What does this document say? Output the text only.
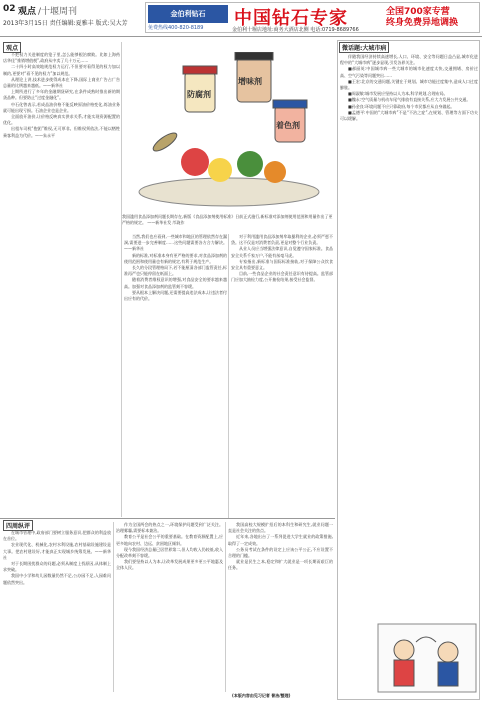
02 观点 /十堰周刊
2013年3月15日 责任编辑:夏雅丰 版式:吴大芳
金伯利钻石
免费热线400-820-8189 中国钻石专家	全国700家专营
终身免费异地调换
金伯利十堰店地址:商务大酒店北侧 电话:0719-8689766
观点
四周纵评

不把权力关进制度的笼子里,怎么能够根治腐败。比如上海药店华佳“推销增值税”,政府从中卖了几十万元……

二十四小时高效地规范权力运行,不但要对看得见的权力加以制约,更要对“看不见的权力”加以规范。

从理论上讲,技术进步使得成本在下降,国际上商业广告占广告总量的比例越来越低。——新华社

上期所进行了多年的金融期货研究,在条件成熟时推出新的期货品种。但要防止“过度金融化”。

中石化曾表示,若成品油价格不能反映原油价格变化,炼油业务就可能出现亏损。石油企业也是企业。

全面放开油价,让价格反映真实供求关系,才能实现资源配置的优化。

出租车司机“抱团”维权,无可厚非。但维权须依法,不能以牺牲乘客利益为代价。——朱永平

防腐剂
增味剂
着色剂
我国滥用食品添加剂问题长期存在,新版《食品添加剂使用标准》日前正式施行,新标准对添加剂使用范围和用量作出了更严格的规定。 ——新华社发 邝珑作

当然,我们也应看到,一些城市和地区的管理依然存在漏洞,需要进一步完善制度……这些问题需要各方合力解决。——新华社

新的标准,对标准本身有更严格的要求,对食品添加剂的使用范围和使用量也有新的规定,有利于规范生产。

长久的分段管理格局下,若不能厘清各部门监管责任,标准再严也只能停留在纸面上。

随着消费者维权意识的增强,对食品安全的要求越来越高。加强对食品添加剂的监管刻不容缓。

要从根本上解决问题,还需要提高违法成本,让违法者付出应有的代价。

对于利用滥用食品添加剂牟取暴利的企业,必须严惩不贷。这不仅是对消费者负责,更是对整个行业负责。

从业人员应当增强法律意识,自觉遵守国家标准。食品安全关系千家万户,不能有丝毫马虎。

专家指出,新标准与国际标准接轨,对于保障公众饮食安全具有重要意义。

目前,一些食品企业的社会责任意识有待提高。监管部门应加大抽检力度,公开抽检结果,接受社会监督。

在城市管理中,政府部门要树立服务意识,把群众的利益放在首位。

农业现代化、机械化,农村水利设施,农村基础设施建设是大事。把农村建设好,才能真正实现城乡统筹发展。——新华社

对于长期困扰群众的问题,必须从制度上找原因,从体制上求突破。

我国中小学和幼儿园数量仍然不足,公办园不足,入园难问题依然突出。

作为全国两会的热点之一,环境保护问题受到广泛关注。治理雾霾,需要标本兼治。

教育公平是社会公平的重要基础。在教育资源配置上,应更多地向农村、边远、贫困地区倾斜。

现今我国经济总量已居世界第二,但人均收入仍较低,收入分配改革刻不容缓。

我们要坚持以人为本,让改革发展成果更多更公平地惠及全体人民。

我国高校大规模扩招后的本科生和研究生,就业问题一直是社会关注的焦点。

近年来,各地出台了一系列促进大学生就业的政策措施,取得了一定成效。

公务员考试在条件的设定上应该公平公正,不应设置不合理的门槛。

就业是民生之本,稳定和扩大就业是一项长期而艰巨的任务。

微话题:大城市病

伴随我国经济持续高速增长,人口、环境、安全等问题日益凸显,城市化进程中的“大城市病”逐步显现,引发各界关注。

■郝丽英:中国城市病一些大城市的城市化速度太快,交通拥堵、房价过高、空气污染等问题突出……

■王宏:北京的交通问题,关键在于规划。城市功能过度集中,造成人口过度膨胀。

■周淑敏:城市发展应坚持以人为本,科学规划,合理布局。

■魏永:空气质量与机动车尾气排放有直接关系,应大力发展公共交通。

■孙金良:环境问题不应只靠政府,每个市民都应从自身做起。

■孟德平:中国的“大城市病”不是“不治之症”,在规划、管理等方面下功夫可以缓解。

(本版内容由见习记者 普洁/整理)
